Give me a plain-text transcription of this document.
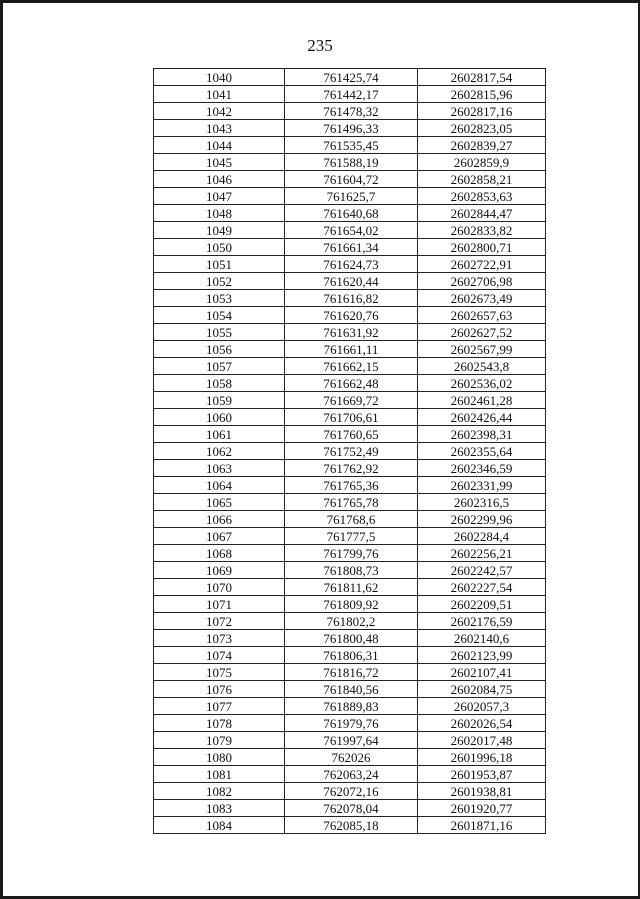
235
1040	761425,74	2602817,54
1041	761442,17	2602815,96
1042	761478,32	2602817,16
1043	761496,33	2602823,05
1044	761535,45	2602839,27
1045	761588,19	2602859,9
1046	761604,72	2602858,21
1047	761625,7	2602853,63
1048	761640,68	2602844,47
1049	761654,02	2602833,82
1050	761661,34	2602800,71
1051	761624,73	2602722,91
1052	761620,44	2602706,98
1053	761616,82	2602673,49
1054	761620,76	2602657,63
1055	761631,92	2602627,52
1056	761661,11	2602567,99
1057	761662,15	2602543,8
1058	761662,48	2602536,02
1059	761669,72	2602461,28
1060	761706,61	2602426,44
1061	761760,65	2602398,31
1062	761752,49	2602355,64
1063	761762,92	2602346,59
1064	761765,36	2602331,99
1065	761765,78	2602316,5
1066	761768,6	2602299,96
1067	761777,5	2602284,4
1068	761799,76	2602256,21
1069	761808,73	2602242,57
1070	761811,62	2602227,54
1071	761809,92	2602209,51
1072	761802,2	2602176,59
1073	761800,48	2602140,6
1074	761806,31	2602123,99
1075	761816,72	2602107,41
1076	761840,56	2602084,75
1077	761889,83	2602057,3
1078	761979,76	2602026,54
1079	761997,64	2602017,48
1080	762026	2601996,18
1081	762063,24	2601953,87
1082	762072,16	2601938,81
1083	762078,04	2601920,77
1084	762085,18	2601871,16
